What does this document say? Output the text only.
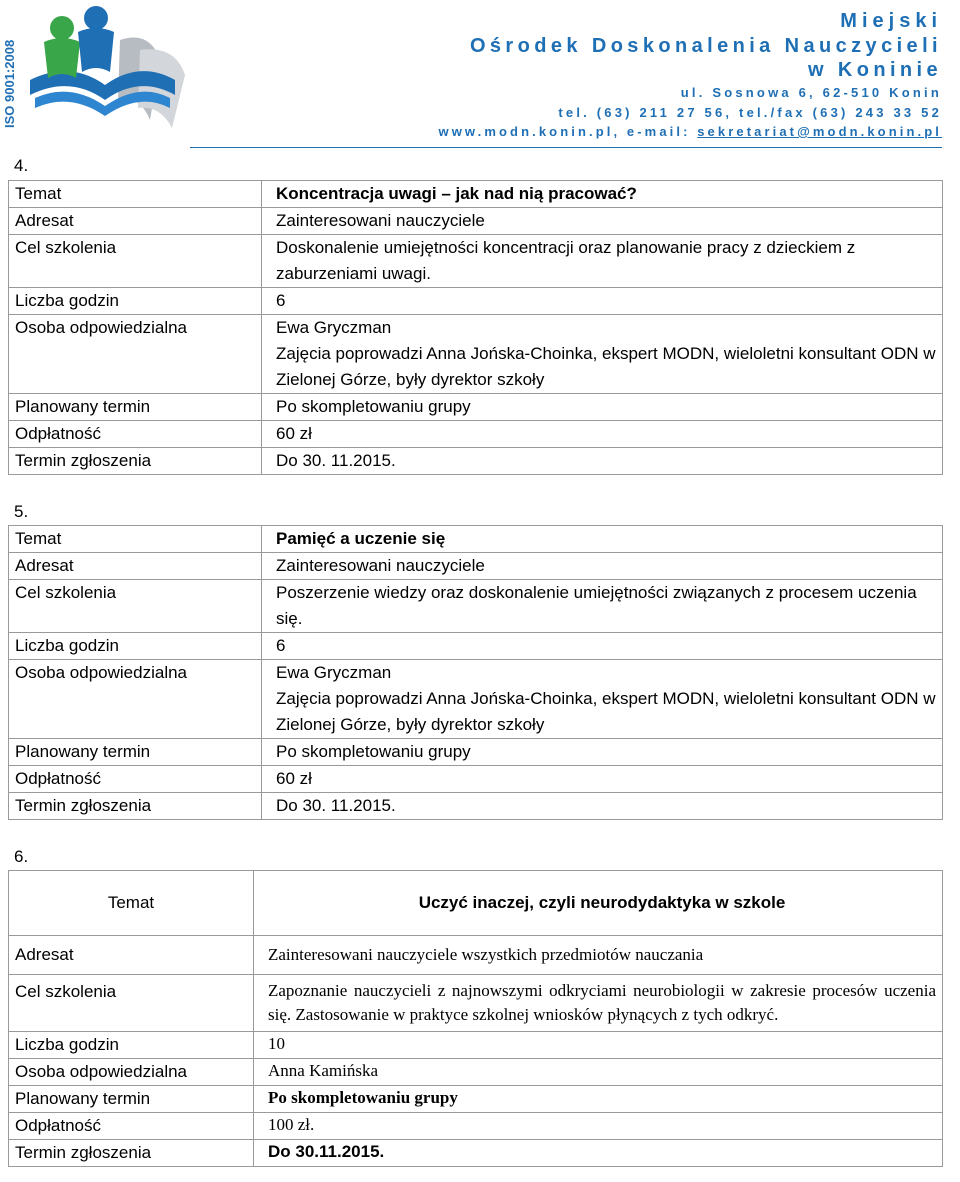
ISO 9001:2008
Miejski
Ośrodek Doskonalenia Nauczycieli
w Koninie
ul. Sosnowa 6, 62-510 Konin
tel. (63) 211 27 56, tel./fax (63) 243 33 52
www.modn.konin.pl, e-mail: sekretariat@modn.konin.pl
4.
Temat	Koncentracja uwagi – jak nad nią pracować?
Adresat	Zainteresowani nauczyciele
Cel szkolenia	Doskonalenie umiejętności koncentracji oraz planowanie pracy z dzieckiem z zaburzeniami uwagi.
Liczba godzin	6
Osoba odpowiedzialna	Ewa Gryczman
Zajęcia poprowadzi Anna Jońska-Choinka, ekspert MODN, wieloletni konsultant ODN w Zielonej Górze, były dyrektor szkoły

Planowany termin	Po skompletowaniu grupy
Odpłatność	60 zł
Termin zgłoszenia	Do 30. 11.2015.
5.
Temat	Pamięć a uczenie się
Adresat	Zainteresowani nauczyciele
Cel szkolenia	Poszerzenie wiedzy oraz doskonalenie umiejętności związanych z procesem uczenia się.
Liczba godzin	6
Osoba odpowiedzialna	Ewa Gryczman
Zajęcia poprowadzi Anna Jońska-Choinka, ekspert MODN, wieloletni konsultant ODN w Zielonej Górze, były dyrektor szkoły

Planowany termin	Po skompletowaniu grupy
Odpłatność	60 zł
Termin zgłoszenia	Do 30. 11.2015.
6.
Temat	Uczyć inaczej, czyli neurodydaktyka w szkole
Adresat	Zainteresowani nauczyciele wszystkich przedmiotów nauczania
Cel szkolenia	Zapoznanie nauczycieli z najnowszymi odkryciami neurobiologii w zakresie procesów uczenia się. Zastosowanie w praktyce szkolnej wniosków płynących z tych odkryć.
Liczba godzin	10
Osoba odpowiedzialna	Anna Kamińska
Planowany termin	Po skompletowaniu grupy
Odpłatność	100 zł.
Termin zgłoszenia	Do 30.11.2015.
